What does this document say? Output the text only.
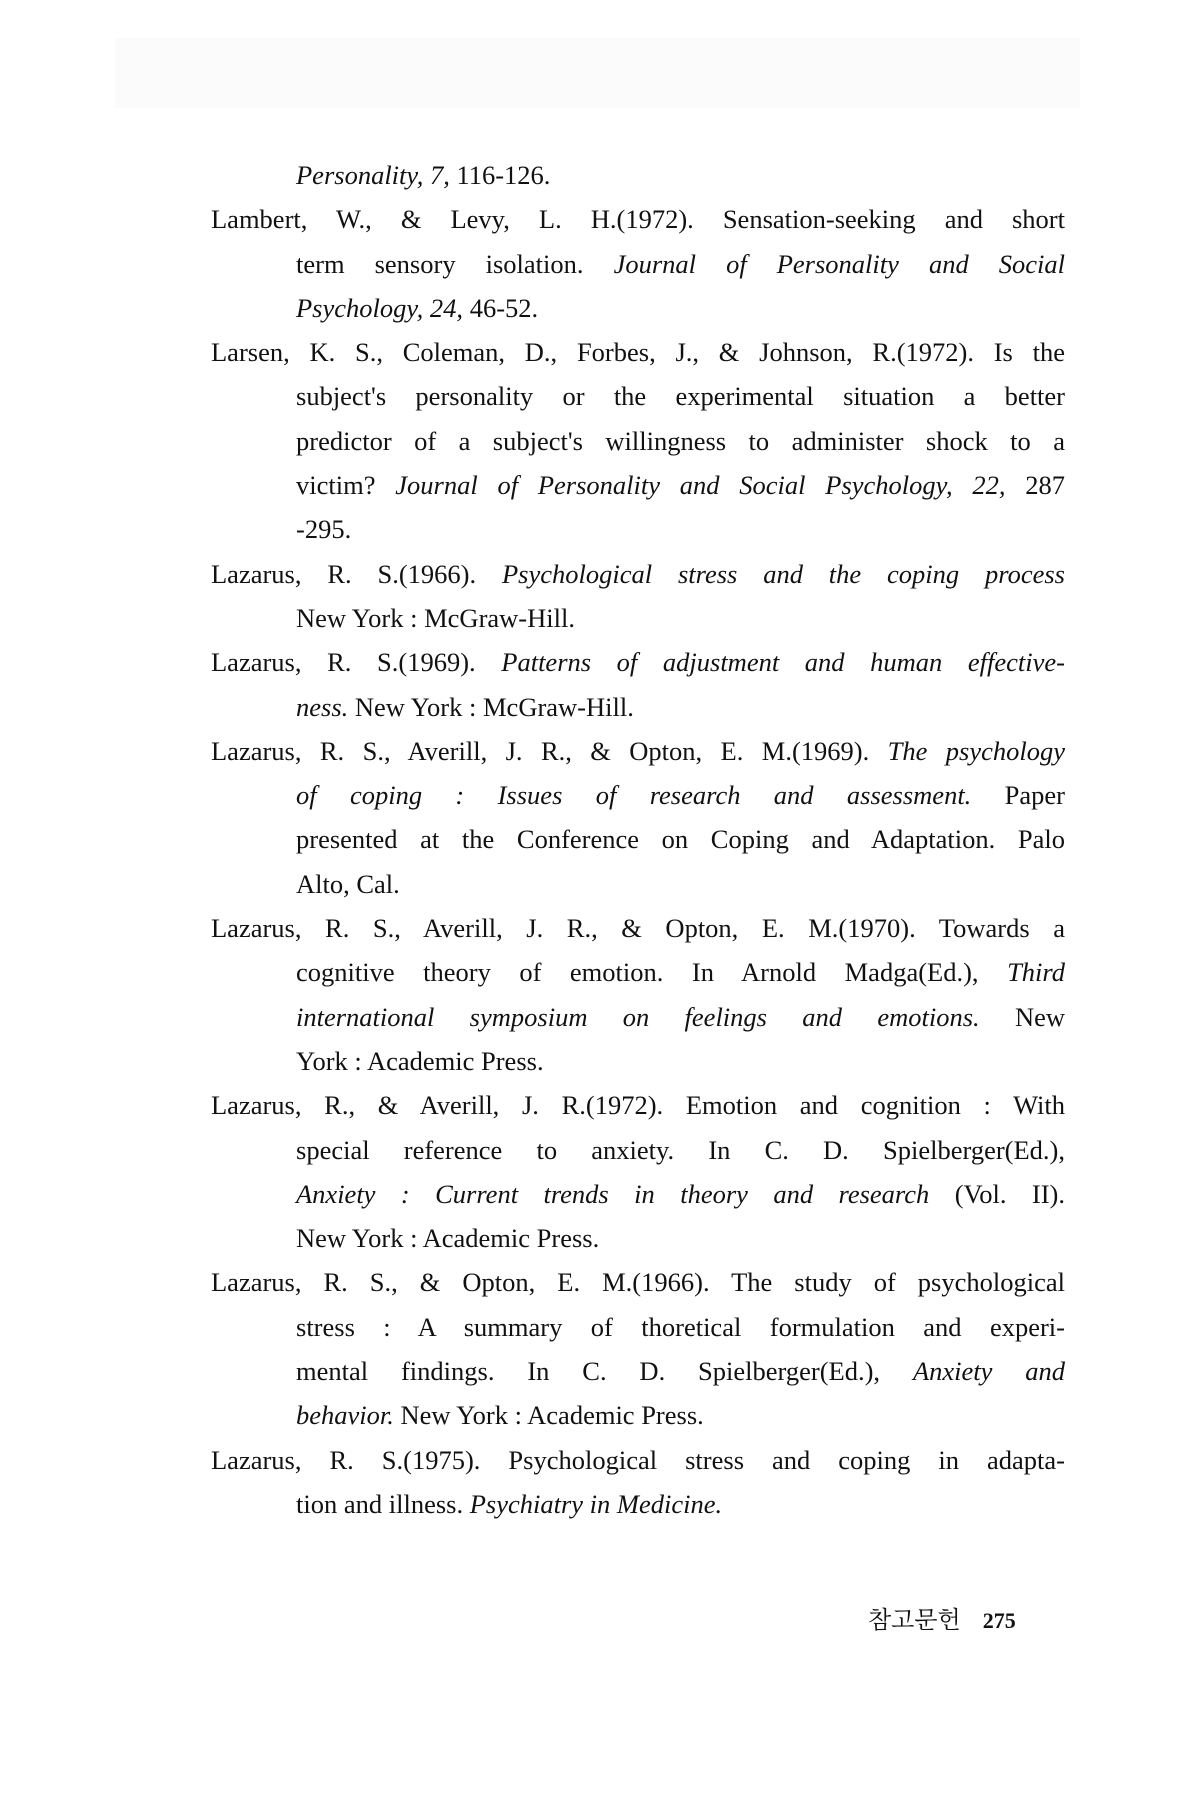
Personality, 7, 116-126.
Lambert, W., & Levy, L. H.(1972). Sensation-seeking and short
term sensory isolation. Journal of Personality and Social
Psychology, 24, 46-52.
Larsen, K. S., Coleman, D., Forbes, J., & Johnson, R.(1972). Is the
subject's personality or the experimental situation a better
predictor of a subject's willingness to administer shock to a
victim? Journal of Personality and Social Psychology, 22, 287
-295.
Lazarus, R. S.(1966). Psychological stress and the coping process
New York : McGraw-Hill.
Lazarus, R. S.(1969). Patterns of adjustment and human effective-
ness. New York : McGraw-Hill.
Lazarus, R. S., Averill, J. R., & Opton, E. M.(1969). The psychology
of coping : Issues of research and assessment. Paper
presented at the Conference on Coping and Adaptation. Palo
Alto, Cal.
Lazarus, R. S., Averill, J. R., & Opton, E. M.(1970). Towards a
cognitive theory of emotion. In Arnold Madga(Ed.), Third
international symposium on feelings and emotions. New
York : Academic Press.
Lazarus, R., & Averill, J. R.(1972). Emotion and cognition : With
special reference to anxiety. In C. D. Spielberger(Ed.),
Anxiety : Current trends in theory and research (Vol. II).
New York : Academic Press.
Lazarus, R. S., & Opton, E. M.(1966). The study of psychological
stress : A summary of thoretical formulation and experi-
mental findings. In C. D. Spielberger(Ed.), Anxiety and
behavior. New York : Academic Press.
Lazarus, R. S.(1975). Psychological stress and coping in adapta-
tion and illness. Psychiatry in Medicine.
참고문헌 275
